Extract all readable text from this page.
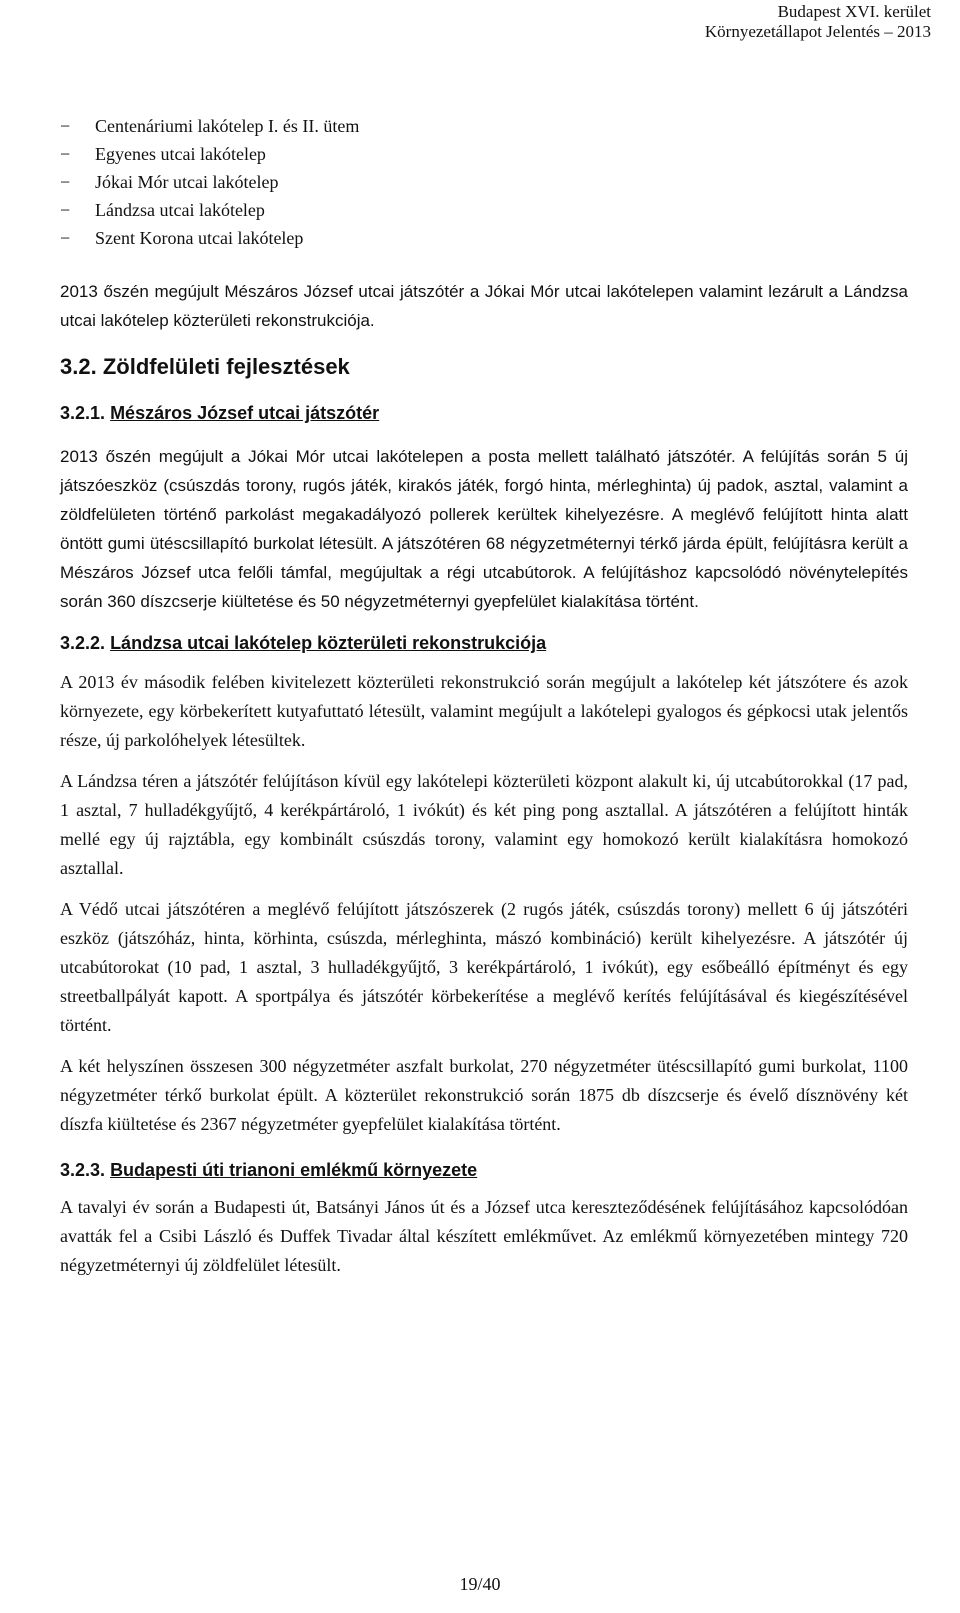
Budapest XVI. kerület
Környezetállapot Jelentés – 2013
− Centenáriumi lakótelep I. és II. ütem
− Egyenes utcai lakótelep
− Jókai Mór utcai lakótelep
− Lándzsa utcai lakótelep
− Szent Korona utcai lakótelep

2013 őszén megújult Mészáros József utcai játszótér a Jókai Mór utcai lakótelepen valamint lezárult a Lándzsa utcai lakótelep közterületi rekonstrukciója.

3.2. Zöldfelületi fejlesztések
3.2.1. Mészáros József utcai játszótér

2013 őszén megújult a Jókai Mór utcai lakótelepen a posta mellett található játszótér. A felújítás során 5 új játszóeszköz (csúszdás torony, rugós játék, kirakós játék, forgó hinta, mérleghinta) új padok, asztal, valamint a zöldfelületen történő parkolást megakadályozó pollerek kerültek kihelyezésre. A meglévő felújított hinta alatt öntött gumi ütéscsillapító burkolat létesült. A játszótéren 68 négyzetméternyi térkő járda épült, felújításra került a Mészáros József utca felőli támfal, megújultak a régi utcabútorok. A felújításhoz kapcsolódó növénytelepítés során 360 díszcserje kiültetése és 50 négyzetméternyi gyepfelület kialakítása történt.

3.2.2. Lándzsa utcai lakótelep közterületi rekonstrukciója

A 2013 év második felében kivitelezett közterületi rekonstrukció során megújult a lakótelep két játszótere és azok környezete, egy körbekerített kutyafuttató létesült, valamint megújult a lakótelepi gyalogos és gépkocsi utak jelentős része, új parkolóhelyek létesültek.

A Lándzsa téren a játszótér felújításon kívül egy lakótelepi közterületi központ alakult ki, új utcabútorokkal (17 pad, 1 asztal, 7 hulladékgyűjtő, 4 kerékpártároló, 1 ivókút) és két ping pong asztallal. A játszótéren a felújított hinták mellé egy új rajztábla, egy kombinált csúszdás torony, valamint egy homokozó került kialakításra homokozó asztallal.

A Védő utcai játszótéren a meglévő felújított játszószerek (2 rugós játék, csúszdás torony) mellett 6 új játszótéri eszköz (játszóház, hinta, körhinta, csúszda, mérleghinta, mászó kombináció) került kihelyezésre. A játszótér új utcabútorokat (10 pad, 1 asztal, 3 hulladékgyűjtő, 3 kerékpártároló, 1 ivókút), egy esőbeálló építményt és egy streetballpályát kapott. A sportpálya és játszótér körbekerítése a meglévő kerítés felújításával és kiegészítésével történt.

A két helyszínen összesen 300 négyzetméter aszfalt burkolat, 270 négyzetméter ütéscsillapító gumi burkolat, 1100 négyzetméter térkő burkolat épült. A közterület rekonstrukció során 1875 db díszcserje és évelő dísznövény két díszfa kiültetése és 2367 négyzetméter gyepfelület kialakítása történt.

3.2.3. Budapesti úti trianoni emlékmű környezete

A tavalyi év során a Budapesti út, Batsányi János út és a József utca kereszteződésének felújításához kapcsolódóan avatták fel a Csibi László és Duffek Tivadar által készített emlékművet. Az emlékmű környezetében mintegy 720 négyzetméternyi új zöldfelület létesült.

19/40
